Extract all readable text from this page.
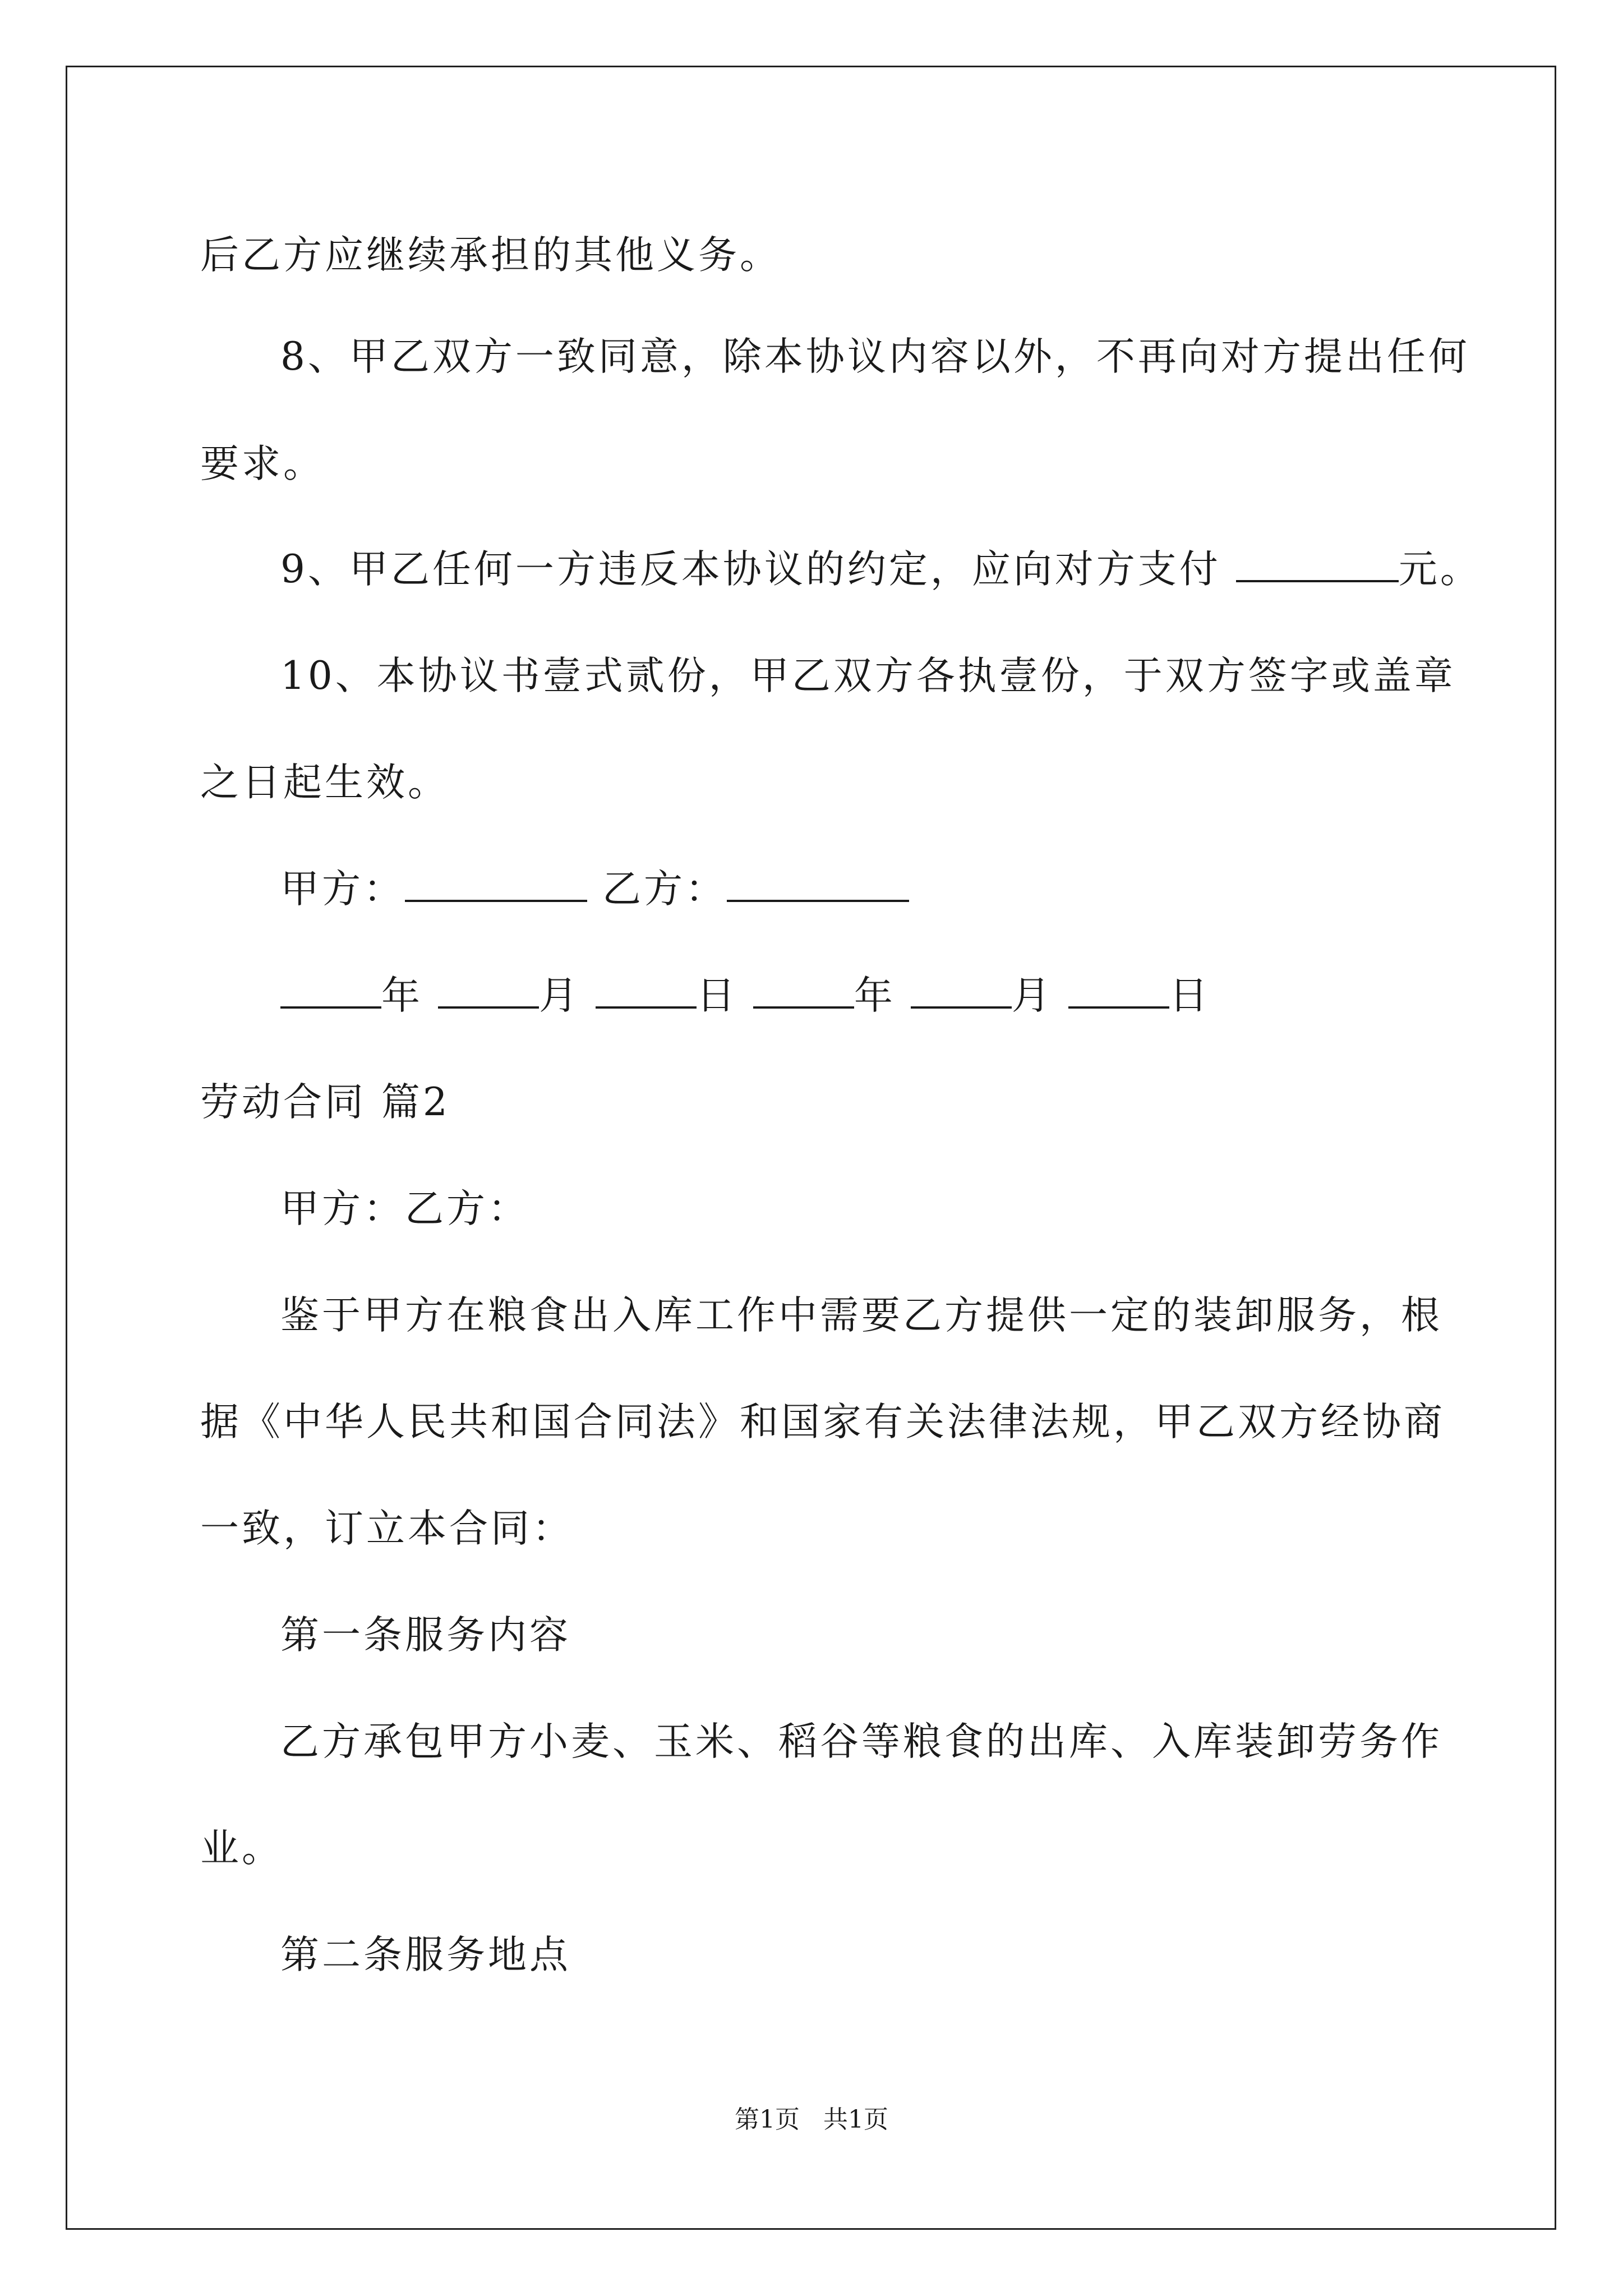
后乙方应继续承担的其他义务。

8、甲乙双方一致同意，除本协议内容以外，不再向对方提出任何

要求。

9、甲乙任何一方违反本协议的约定，应向对方支付	元。

10、本协议书壹式贰份，甲乙双方各执壹份，于双方签字或盖章

之日起生效。

甲方：	乙方：

年	月	日	年	月	日

劳动合同 篇2

甲方：乙方：

鉴于甲方在粮食出入库工作中需要乙方提供一定的装卸服务，根

据《中华人民共和国合同法》和国家有关法律法规，甲乙双方经协商

一致，订立本合同：

第一条服务内容

乙方承包甲方小麦、玉米、稻谷等粮食的出库、入库装卸劳务作

业。

第二条服务地点

第1页   共1页
